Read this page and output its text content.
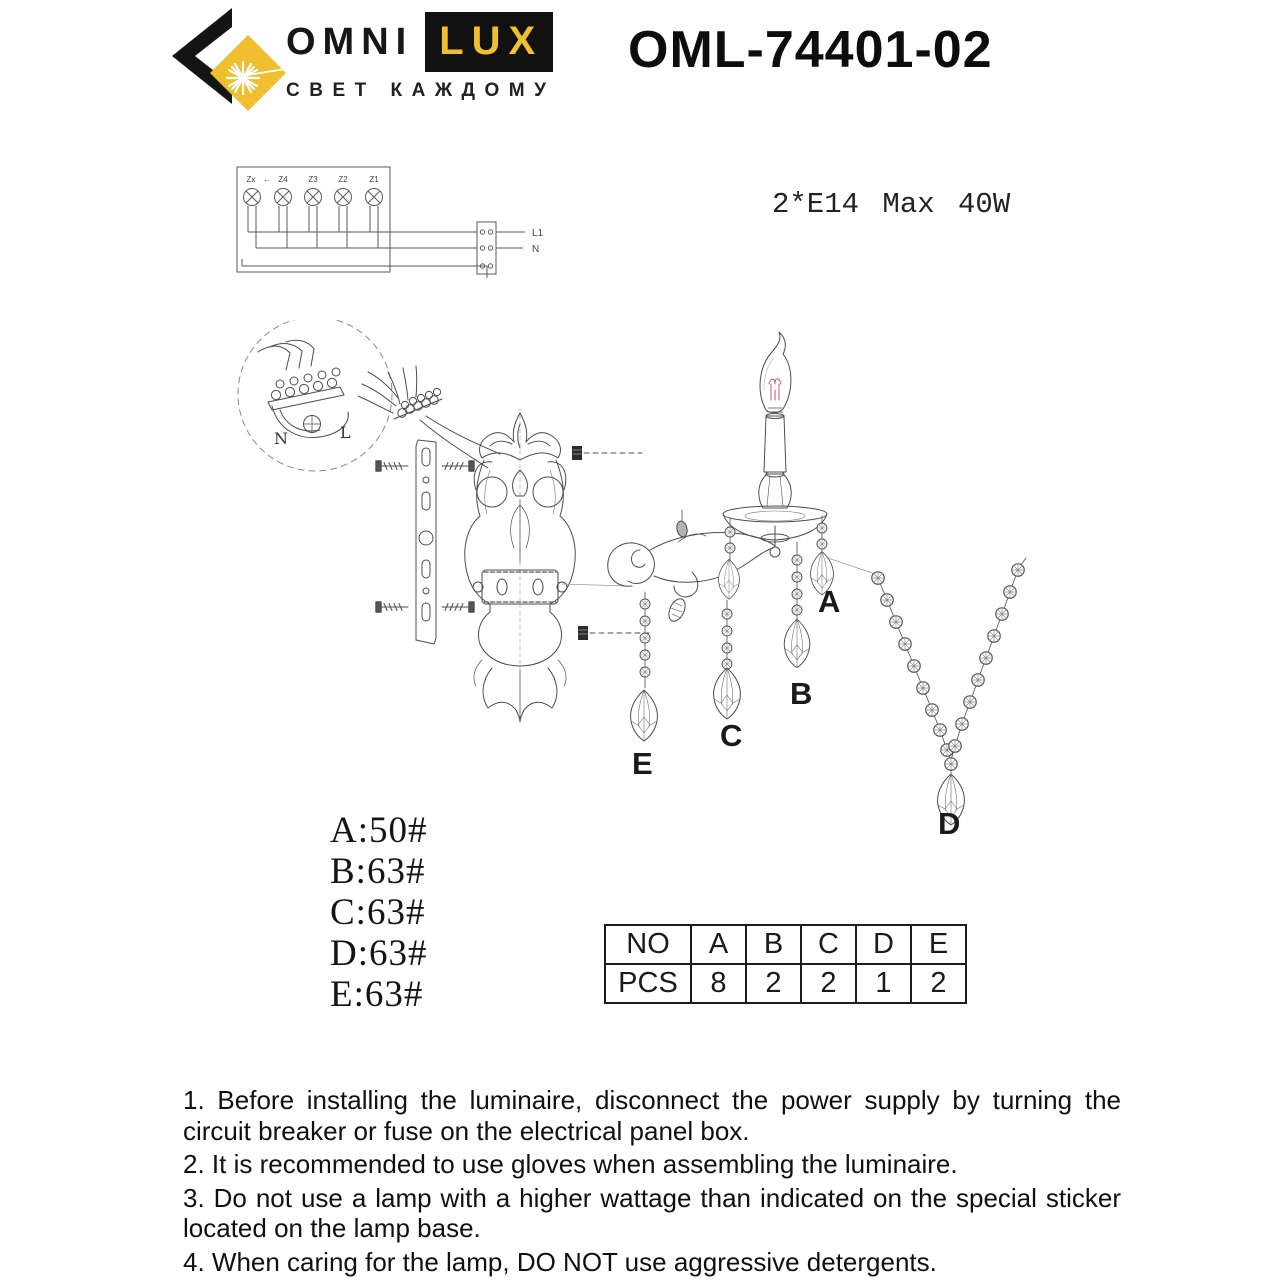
OMNI LUX
СВЕТ КАЖДОМУ
OML-74401-02
2*E14 Max 40W
Zx ← Z4	Z3	Z2	Z1
L1
N
N	L
A
B
C
D
E
A:50#
B:63#
C:63#
D:63#
E:63#
NO	A	B	C	D	E
PCS	8	2	2	1	2

1. Before installing the luminaire, disconnect the power supply by turning the circuit breaker or fuse on the electrical panel box.

2. It is recommended to use gloves when assembling the luminaire.

3. Do not use a lamp with a higher wattage than indicated on the special sticker located on the lamp base.

4. When caring for the lamp, DO NOT use aggressive detergents.
